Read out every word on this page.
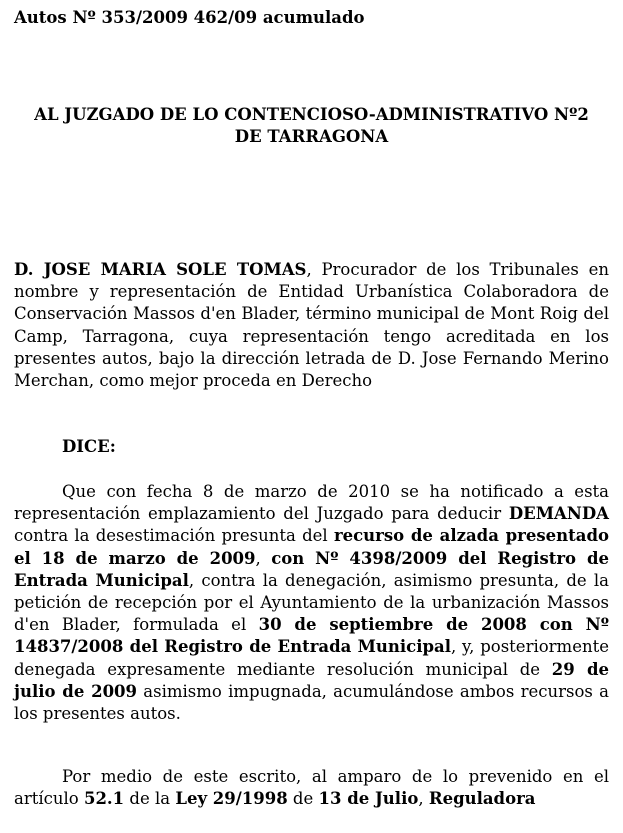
Autos Nº 353/2009 462/09 acumulado
AL JUZGADO DE LO CONTENCIOSO-ADMINISTRATIVO Nº2
DE TARRAGONA
D. JOSE MARIA SOLE TOMAS, Procurador de los Tribunales en nombre y representación de Entidad Urbanística Colaboradora de Conservación Massos d'en Blader, término municipal de Mont Roig del Camp, Tarragona, cuya representación tengo acreditada en los presentes autos, bajo la dirección letrada de D. Jose Fernando Merino Merchan, como mejor proceda en Derecho
DICE:
Que con fecha 8 de marzo de 2010 se ha notificado a esta representación emplazamiento del Juzgado para deducir DEMANDA contra la desestimación presunta del recurso de alzada presentado el 18 de marzo de 2009, con Nº 4398/2009 del Registro de Entrada Municipal, contra la denegación, asimismo presunta, de la petición de recepción por el Ayuntamiento de la urbanización Massos d'en Blader, formulada el 30 de septiembre de 2008 con Nº 14837/2008 del Registro de Entrada Municipal, y, posteriormente denegada expresamente mediante resolución municipal de 29 de julio de 2009 asimismo impugnada, acumulándose ambos recursos a los presentes autos.
Por medio de este escrito, al amparo de lo prevenido en el artículo 52.1 de la Ley 29/1998 de 13 de Julio, Reguladora
